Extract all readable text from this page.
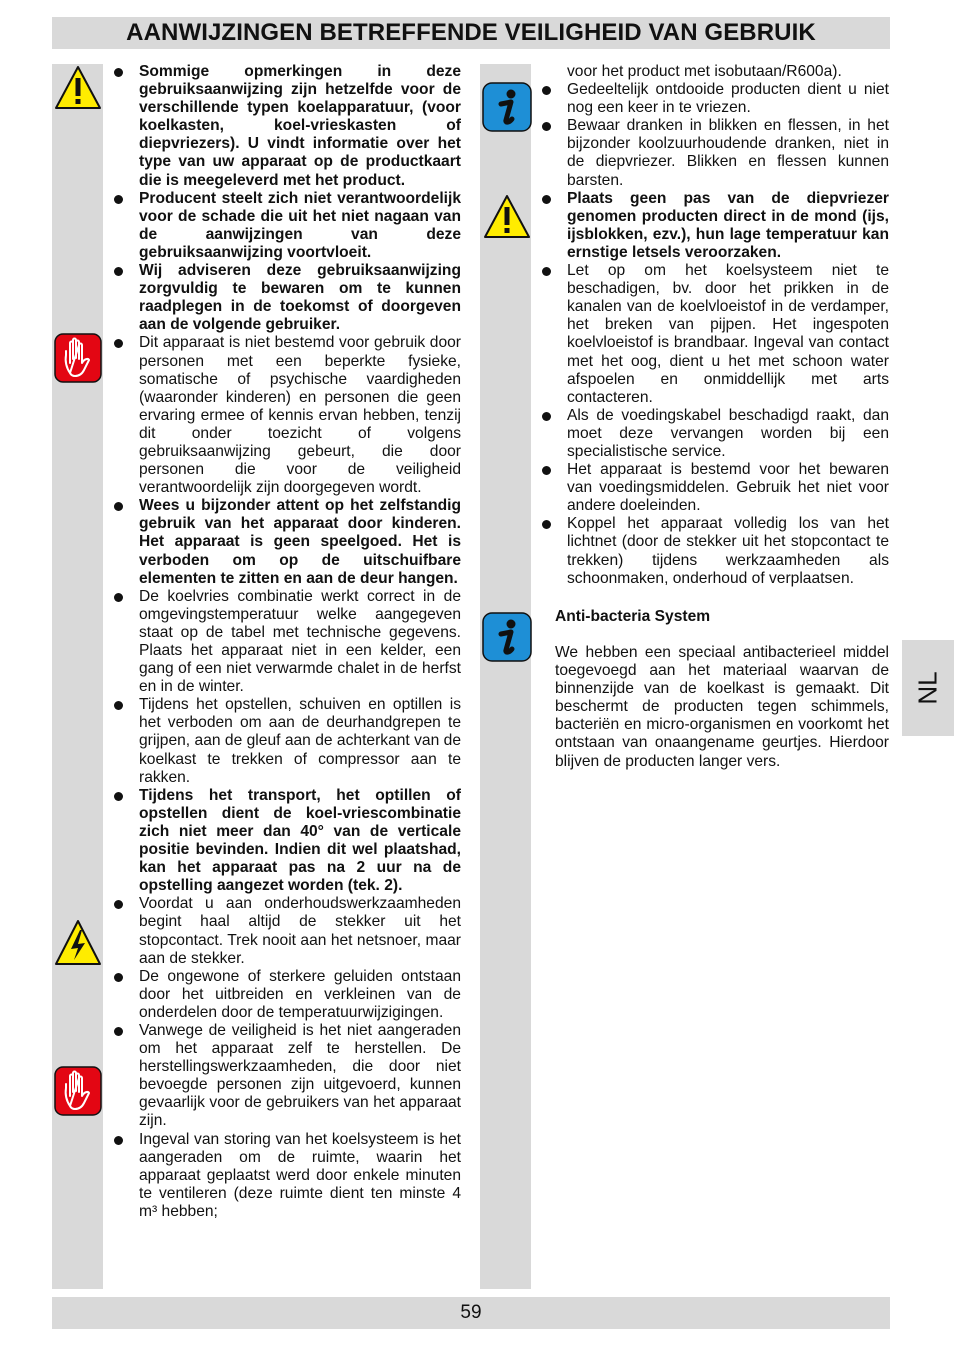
AANWIJZINGEN BETREFFENDE VEILIGHEID VAN GEBRUIK
Sommige opmerkingen in deze gebruiksaanwijzing zijn hetzelfde voor de verschillende typen koelapparatuur, (voor koelkasten, koel-vrieskasten of diepvriezers). U vindt informatie over het type van uw apparaat op de productkaart die is meegeleverd met het product.
Producent steelt zich niet verantwoordelijk voor de schade die uit het niet nagaan van de aanwijzingen van deze gebruiksaanwijzing voortvloeit.
Wij adviseren deze gebruiksaanwijzing zorgvuldig te bewaren om te kunnen raadplegen in de toekomst of doorgeven aan de volgende gebruiker.
Dit apparaat is niet bestemd voor gebruik door personen met een beperkte fysieke, somatische of psychische vaardigheden (waaronder kinderen) en personen die geen ervaring ermee of kennis ervan hebben, tenzij dit onder toezicht of volgens gebruiksaanwijzing gebeurt, die door personen die voor de veiligheid verantwoordelijk zijn doorgegeven wordt.
Wees u bijzonder attent op het zelfstandig gebruik van het apparaat door kinderen. Het apparaat is geen speelgoed. Het is verboden om op de uitschuifbare elementen te zitten en aan de deur hangen.
De koelvries combinatie werkt correct in de omgevingstemperatuur welke aangegeven staat op de tabel met technische gegevens. Plaats het apparaat niet in een kelder, een gang of een niet verwarmde chalet in de herfst en in de winter.
Tijdens het opstellen, schuiven en optillen is het verboden om aan de deurhandgrepen te grijpen, aan de gleuf aan de achterkant van de koelkast te trekken of compressor aan te rakken.
Tijdens het transport, het optillen of opstellen dient de koel-vriescombinatie zich niet meer dan 40° van de verticale positie bevinden. Indien dit wel plaatshad, kan het apparaat pas na 2 uur na de opstelling aangezet worden (tek. 2).
Voordat u aan onderhoudswerkzaamheden begint haal altijd de stekker uit het stopcontact. Trek nooit aan het netsnoer, maar aan de stekker.
De ongewone of sterkere geluiden ontstaan door het uitbreiden en verkleinen van de onderdelen door de temperatuurwijzigingen.
Vanwege de veiligheid is het niet aangeraden om het apparaat zelf te herstellen. De herstellingswerkzaamheden, die door niet bevoegde personen zijn uitgevoerd, kunnen gevaarlijk voor de gebruikers van het apparaat zijn.
Ingeval van storing van het koelsysteem is het aangeraden om de ruimte, waarin het apparaat geplaatst werd door enkele minuten te ventileren (deze ruimte dient ten minste 4 m³ hebben;
voor het product met isobutaan/R600a).
Gedeeltelijk ontdooide producten dient u niet nog een keer in te vriezen.
Bewaar dranken in blikken en flessen, in het bijzonder koolzuurhoudende dranken, niet in de diepvriezer. Blikken en flessen kunnen barsten.
Plaats geen pas van de diepvriezer genomen producten direct in de mond (ijs, ijsblokken, ezv.), hun lage temperatuur kan ernstige letsels veroorzaken.
Let op om het koelsysteem niet te beschadigen, bv. door het prikken in de kanalen van de koelvloeistof in de verdamper, het breken van pijpen. Het ingespoten koelvloeistof is brandbaar. Ingeval van contact met het oog, dient u het met schoon water afspoelen en onmiddellijk met arts contacteren.
Als de voedingskabel beschadigd raakt, dan moet deze vervangen worden bij een specialistische service.
Het apparaat is bestemd voor het bewaren van voedingsmiddelen. Gebruik het niet voor andere doeleinden.
Koppel het apparaat volledig los van het lichtnet (door de stekker uit het stopcontact te trekken) tijdens werkzaamheden als schoonmaken, onderhoud of verplaatsen.
Anti-bacteria System
We hebben een speciaal antibacterieel middel toegevoegd aan het materiaal waarvan de binnenzijde van de koelkast is gemaakt. Dit beschermt de producten tegen schimmels, bacteriën en micro-organismen en voorkomt het ontstaan van onaangename geurtjes. Hierdoor blijven de producten langer vers.
NL
59
